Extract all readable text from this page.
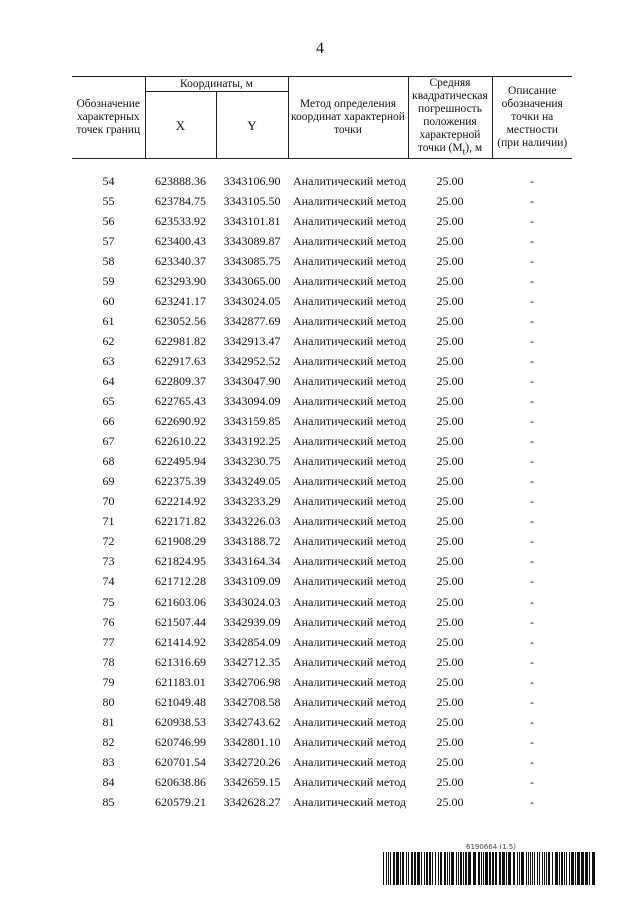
4
Обозначение характерных точек границ	Координаты, м		Метод определения координат характерной точки	Средняя квадратическая погрешность положения характерной точки $(M_t)$, м	Описание обозначения точки на местности (при наличии)
	X	Y			
54	623888.36	3343106.90	Аналитический метод	25.00	-
55	623784.75	3343105.50	Аналитический метод	25.00	-
56	623533.92	3343101.81	Аналитический метод	25.00	-
57	623400.43	3343089.87	Аналитический метод	25.00	-
58	623340.37	3343085.75	Аналитический метод	25.00	-
59	623293.90	3343065.00	Аналитический метод	25.00	-
60	623241.17	3343024.05	Аналитический метод	25.00	-
61	623052.56	3342877.69	Аналитический метод	25.00	-
62	622981.82	3342913.47	Аналитический метод	25.00	-
63	622917.63	3342952.52	Аналитический метод	25.00	-
64	622809.37	3343047.90	Аналитический метод	25.00	-
65	622765.43	3343094.09	Аналитический метод	25.00	-
66	622690.92	3343159.85	Аналитический метод	25.00	-
67	622610.22	3343192.25	Аналитический метод	25.00	-
68	622495.94	3343230.75	Аналитический метод	25.00	-
69	622375.39	3343249.05	Аналитический метод	25.00	-
70	622214.92	3343233.29	Аналитический метод	25.00	-
71	622171.82	3343226.03	Аналитический метод	25.00	-
72	621908.29	3343188.72	Аналитический метод	25.00	-
73	621824.95	3343164.34	Аналитический метод	25.00	-
74	621712.28	3343109.09	Аналитический метод	25.00	-
75	621603.06	3343024.03	Аналитический метод	25.00	-
76	621507.44	3342939.09	Аналитический метод	25.00	-
77	621414.92	3342854.09	Аналитический метод	25.00	-
78	621316.69	3342712.35	Аналитический метод	25.00	-
79	621183.01	3342706.98	Аналитический метод	25.00	-
80	621049.48	3342708.58	Аналитический метод	25.00	-
81	620938.53	3342743.62	Аналитический метод	25.00	-
82	620746.99	3342801.10	Аналитический метод	25.00	-
83	620701.54	3342720.26	Аналитический метод	25.00	-
84	620638.86	3342659.15	Аналитический метод	25.00	-
85	620579.21	3342628.27	Аналитический метод	25.00	-
6190664 (1.5)
